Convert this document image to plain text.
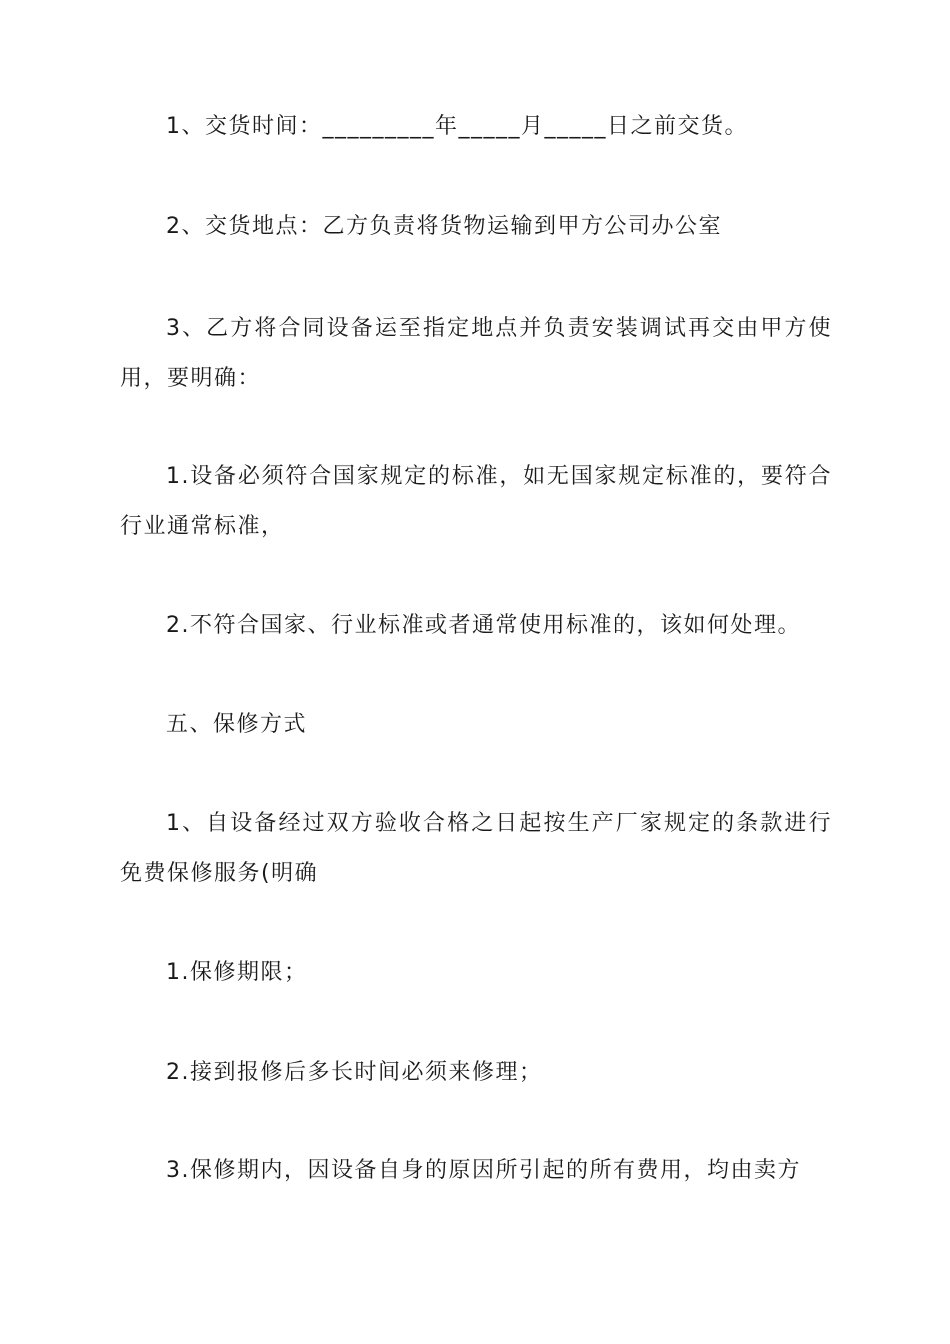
1、交货时间：_________年_____月_____日之前交货。

2、交货地点：乙方负责将货物运输到甲方公司办公室

3、乙方将合同设备运至指定地点并负责安装调试再交由甲方使用，要明确：

1.设备必须符合国家规定的标准，如无国家规定标准的，要符合行业通常标准，

2.不符合国家、行业标准或者通常使用标准的，该如何处理。

五、保修方式

1、自设备经过双方验收合格之日起按生产厂家规定的条款进行免费保修服务(明确

1.保修期限；

2.接到报修后多长时间必须来修理；

3.保修期内，因设备自身的原因所引起的所有费用，均由卖方
